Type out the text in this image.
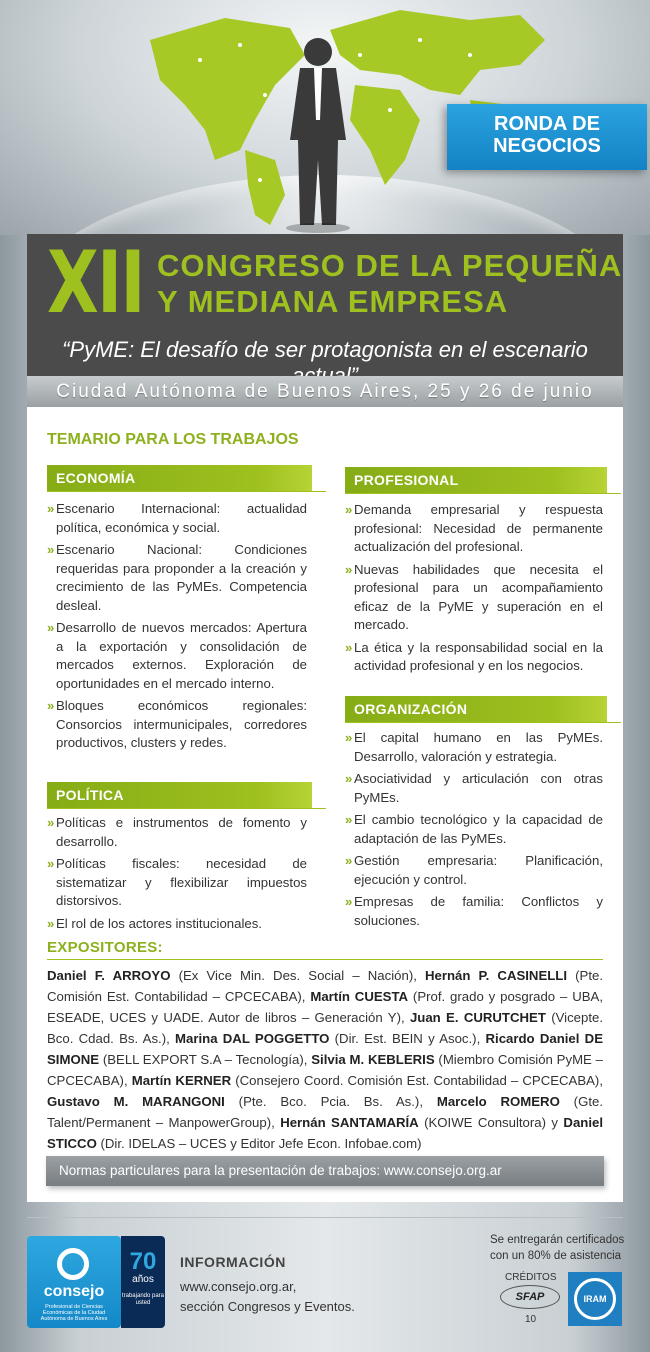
RONDA DE
NEGOCIOS
XII CONGRESO DE LA PEQUEÑA
Y MEDIANA EMPRESA
“PyME: El desafío de ser protagonista en el escenario
Ciudad Autónoma de Buenos Aires, 25 y 26 de junio
TEMARIO PARA LOS TRABAJOS
ECONOMÍA
» Escenario Internacional: actualidad política, económica y social.
» Escenario Nacional: Condiciones requeridas para proponder a la creación y crecimiento de las PyMEs. Competencia desleal.
» Desarrollo de nuevos mercados: Apertura a la exportación y consolidación de mercados externos. Exploración de oportunidades en el mercado interno.
» Bloques económicos regionales: Consorcios intermunicipales, corredores productivos, clusters y redes.
POLÍTICA
» Políticas e instrumentos de fomento y desarrollo.
» Políticas fiscales: necesidad de sistematizar y flexibilizar impuestos distorsivos.
» El rol de los actores institucionales.
PROFESIONAL
» Demanda empresarial y respuesta profesional: Necesidad de permanente actualización del profesional.
» Nuevas habilidades que necesita el profesional para un acompañamiento eficaz de la PyME y superación en el mercado.
» La ética y la responsabilidad social en la actividad profesional y en los negocios.
ORGANIZACIÓN
» El capital humano en las PyMEs. Desarrollo, valoración y estrategia.
» Asociatividad y articulación con otras PyMEs.
» El cambio tecnológico y la capacidad de adaptación de las PyMEs.
» Gestión empresaria: Planificación, ejecución y control.
» Empresas de familia: Conflictos y soluciones.
EXPOSITORES:
Daniel F. ARROYO (Ex Vice Min. Des. Social – Nación), Hernán P. CASINELLI (Pte. Comisión Est. Contabilidad – CPCECABA), Martín CUESTA (Prof. grado y posgrado – UBA, ESEADE, UCES y UADE. Autor de libros – Generación Y), Juan E. CURUTCHET (Vicepte. Bco. Cdad. Bs. As.), Marina DAL POGGETTO (Dir. Est. BEIN y Asoc.), Ricardo Daniel DE SIMONE (BELL EXPORT S.A – Tecnología), Silvia M. KEBLERIS (Miembro Comisión PyME – CPCECABA), Martín KERNER (Consejero Coord. Comisión Est. Contabilidad – CPCECABA), Gustavo M. MARANGONI (Pte. Bco. Pcia. Bs. As.), Marcelo ROMERO (Gte. Talent/Permanent – ManpowerGroup), Hernán SANTAMARÍA (KOIWE Consultora) y Daniel STICCO (Dir. IDELAS – UCES y Editor Jefe Econ. Infobae.com)
Normas particulares para la presentación de trabajos: www.consejo.org.ar
consejo
Profesional de Ciencias Económicas de la Ciudad Autónoma de Buenos Aires
70
años
trabajando para usted
INFORMACIÓN
www.consejo.org.ar,
sección Congresos y Eventos.
Se entregarán certificados
con un 80% de asistencia
CRÉDITOS
SFAP
10
IRAM
